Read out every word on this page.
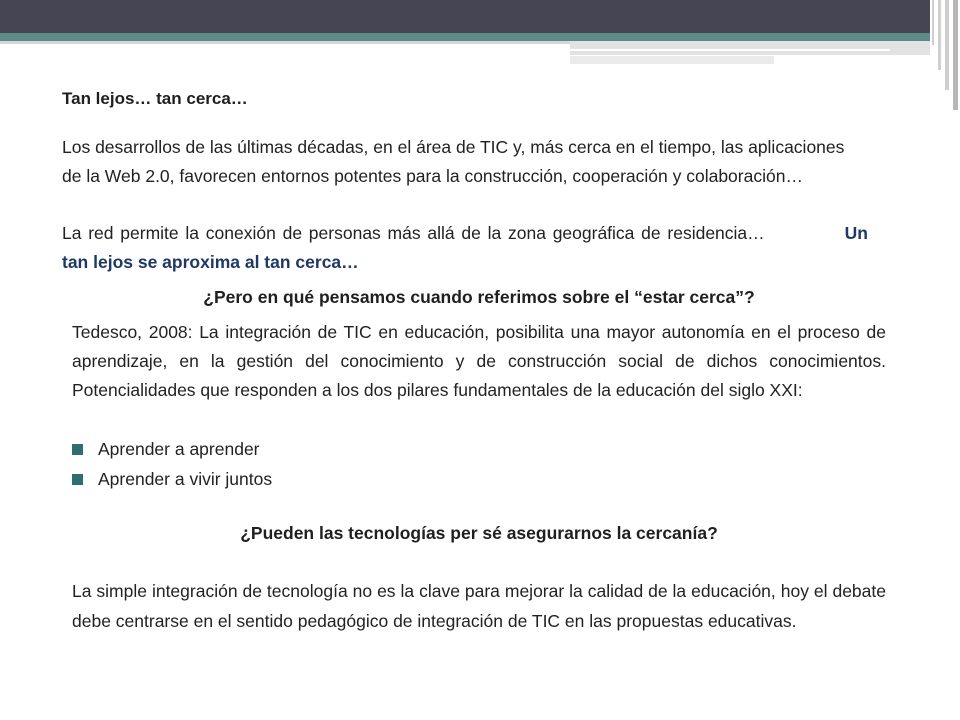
Tan lejos… tan cerca…
Los desarrollos de las últimas décadas, en el área de TIC y, más cerca en el tiempo, las aplicaciones de la Web 2.0, favorecen entornos potentes para la construcción, cooperación y colaboración…
La red permite la conexión de personas más allá de la zona geográfica de residencia…	Un tan lejos se aproxima al tan cerca…
¿Pero en qué pensamos cuando referimos sobre el “estar cerca”?
Tedesco, 2008: La integración de TIC en educación, posibilita una mayor autonomía en el proceso de aprendizaje, en la gestión del conocimiento y de construcción social de dichos conocimientos. Potencialidades que responden a los dos pilares fundamentales de la educación del siglo XXI:
Aprender a aprender
Aprender a vivir juntos
¿Pueden las tecnologías per sé asegurarnos la cercanía?
La simple integración de tecnología no es la clave para mejorar la calidad de la educación, hoy el debate debe centrarse en el sentido pedagógico de integración de TIC en las propuestas educativas.
